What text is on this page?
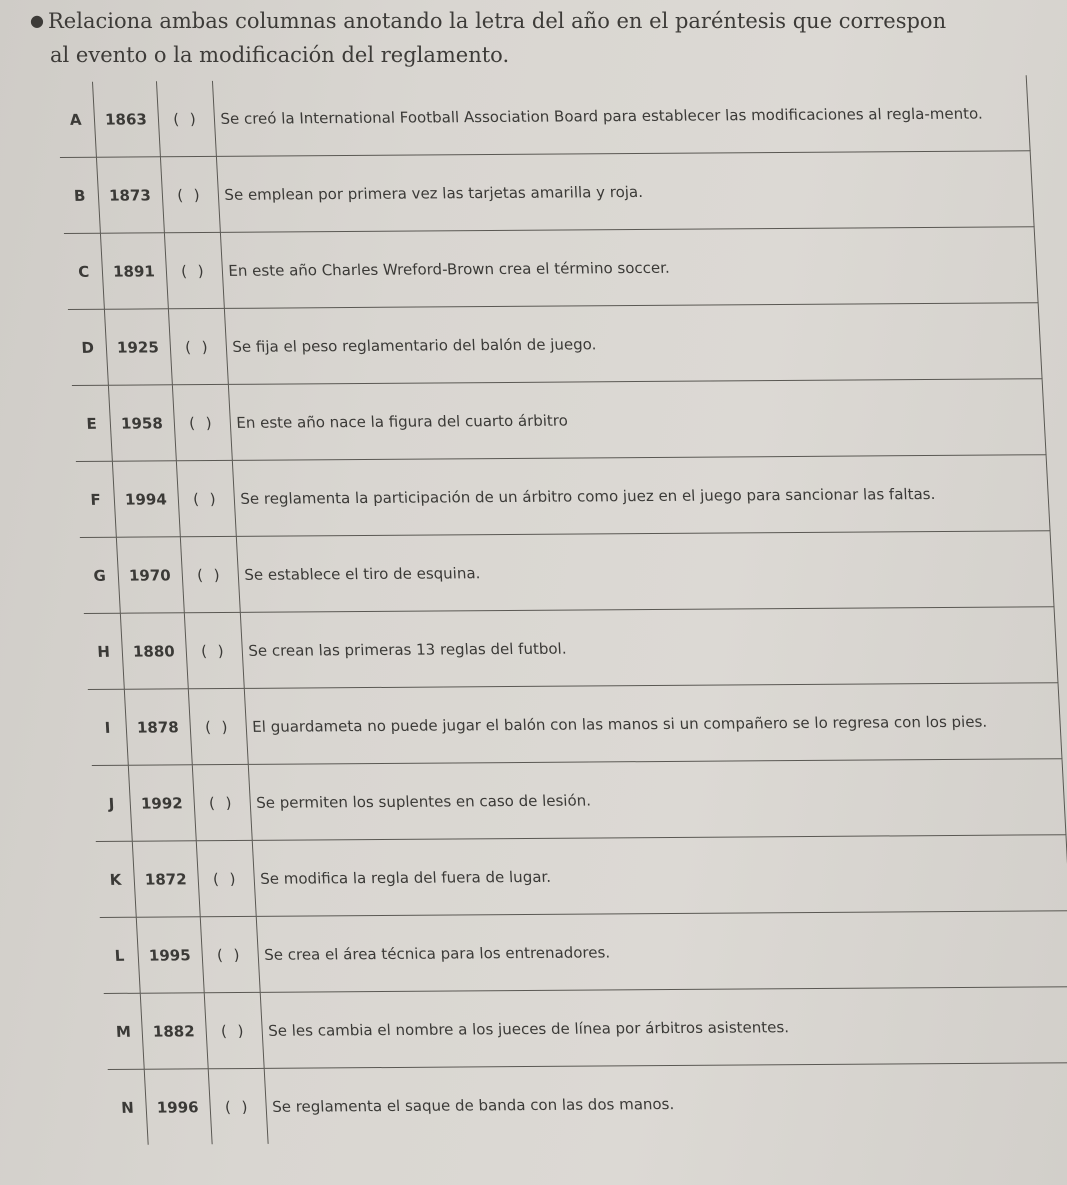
● Relaciona ambas columnas anotando la letra del año en el paréntesis que correspon
al evento o la modificación del reglamento.
A	1863	( )	Se creó la International Football Association Board para establecer las modificaciones al regla-mento.
B	1873	( )	Se emplean por primera vez las tarjetas amarilla y roja.
C	1891	( )	En este año Charles Wreford-Brown crea el término soccer.
D	1925	( )	Se fija el peso reglamentario del balón de juego.
E	1958	( )	En este año nace la figura del cuarto árbitro
F	1994	( )	Se reglamenta la participación de un árbitro como juez en el juego para sancionar las faltas.
G	1970	( )	Se establece el tiro de esquina.
H	1880	( )	Se crean las primeras 13 reglas del futbol.
I	1878	( )	El guardameta no puede jugar el balón con las manos si un compañero se lo regresa con los pies.
J	1992	( )	Se permiten los suplentes en caso de lesión.
K	1872	( )	Se modifica la regla del fuera de lugar.
L	1995	( )	Se crea el área técnica para los entrenadores.
M	1882	( )	Se les cambia el nombre a los jueces de línea por árbitros asistentes.
N	1996	( )	Se reglamenta el saque de banda con las dos manos.
